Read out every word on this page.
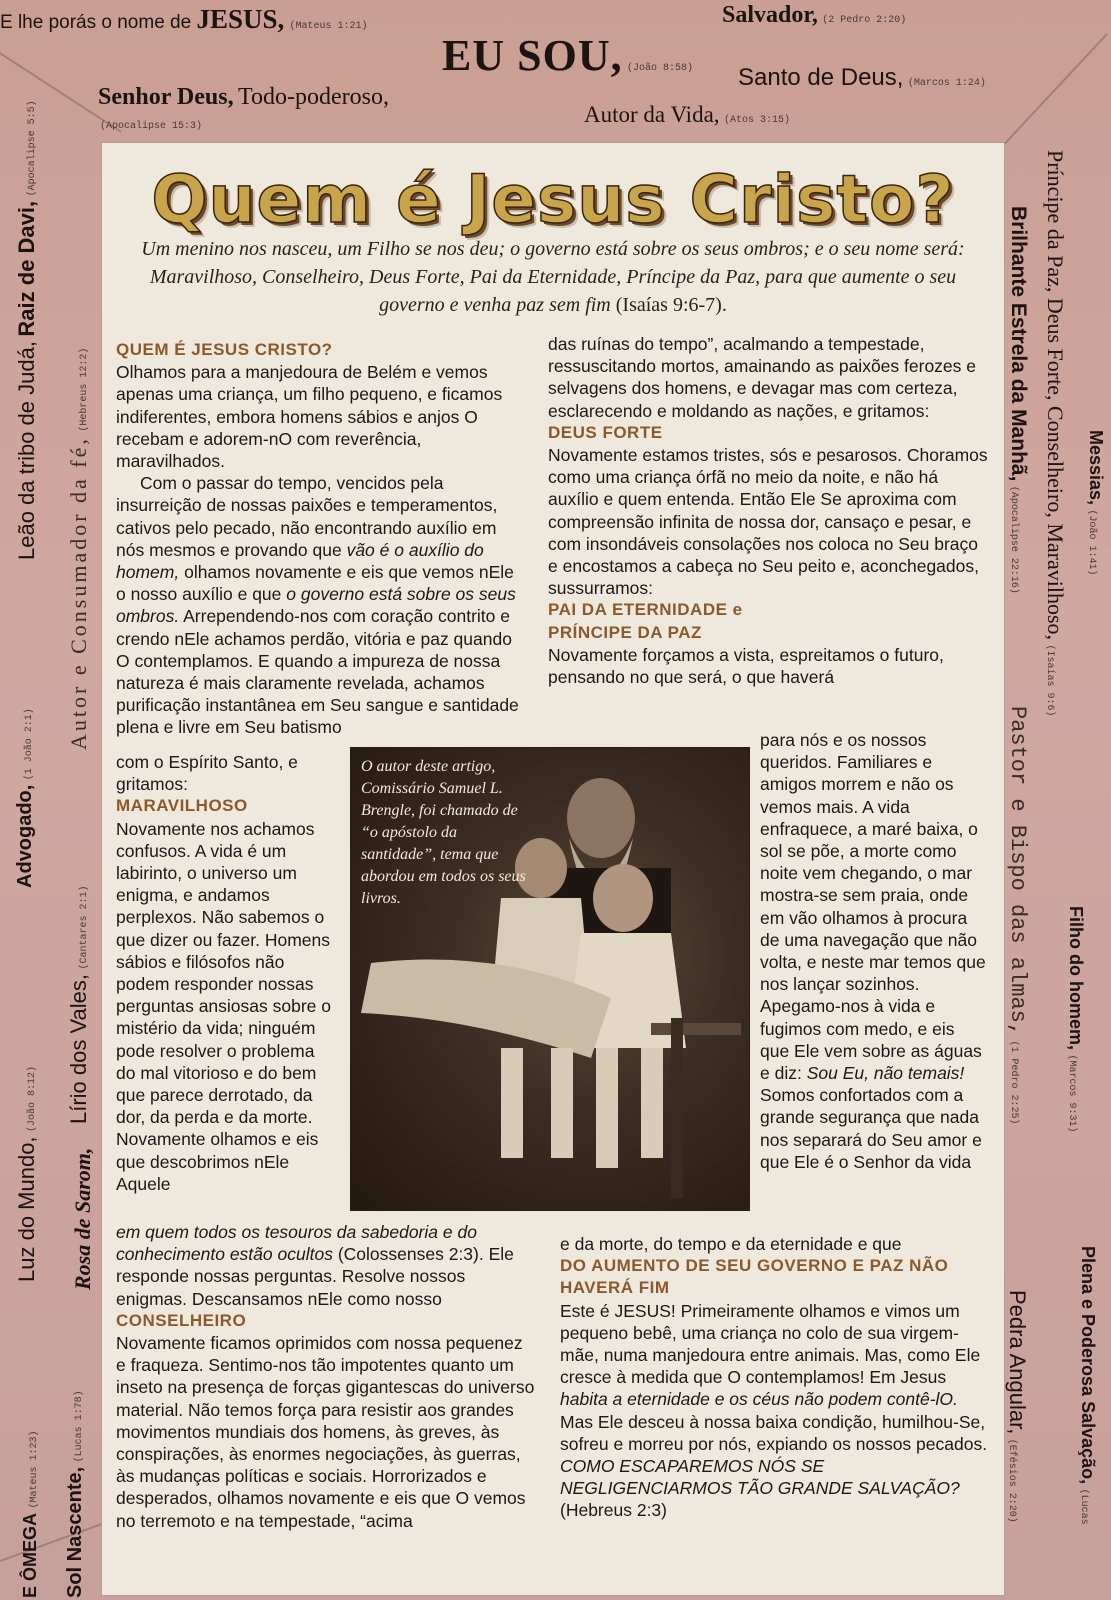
E lhe porás o nome de JESUS, (Mateus 1:21)	Salvador, (2 Pedro 2:20)
EU SOU, (João 8:58) Santo de Deus, (Marcos 1:24)
Senhor Deus, Todo-poderoso,
(Apocalipse 15:3)	Autor da Vida, (Atos 3:15)
Leão da tribo de Judá, Raiz de Davi, (Apocalipse 5:5)
Autor e Consumador da fé, (Hebreus 12:2)
Advogado, (1 João 2:1)
Lírio dos Vales, (Cantares 2:1)
Rosa de Sarom,
Luz do Mundo, (João 8:12)
E ÔMEGA (Mateus 1:23) Sol Nascente, (Lucas 1:78)
Príncipe da Paz, Deus Forte, Conselheiro, Maravilhoso, (Isaías 9:6)
Brilhante Estrela da Manhã, (Apocalipse 22:16)
Messias, (João 1:41)
Pastor e Bispo das almas, (1 Pedro 2:25)
Filho do homem, (Marcos 9:31)
Pedra Angular, (Efésios 2:20)	Plena e Poderosa Salvação, (Lucas
Quem é Jesus Cristo?
Um menino nos nasceu, um Filho se nos deu; o governo está sobre os seus ombros; e o seu nome será: Maravilhoso, Conselheiro, Deus Forte, Pai da Eternidade, Príncipe da Paz, para que aumente o seu governo e venha paz sem fim (Isaías 9:6-7).

QUEM É JESUS CRISTO?

Olhamos para a manjedoura de Belém e vemos apenas uma criança, um filho pequeno, e ficamos indiferentes, embora homens sábios e anjos O recebam e adorem-nO com reverência, maravilhados.

Com o passar do tempo, vencidos pela insurreição de nossas paixões e temperamentos, cativos pelo pecado, não encontrando auxílio em nós mesmos e provando que vão é o auxílio do homem, olhamos novamente e eis que vemos nEle o nosso auxílio e que o governo está sobre os seus ombros. Arrependendo-nos com coração contrito e crendo nEle achamos perdão, vitória e paz quando O contemplamos. E quando a impureza de nossa natureza é mais claramente revelada, achamos purificação instantânea em Seu sangue e santidade plena e livre em Seu batismo

com o Espírito Santo, e gritamos:

MARAVILHOSO

Novamente nos achamos confusos. A vida é um labirinto, o universo um enigma, e andamos perplexos. Não sabemos o que dizer ou fazer. Homens sábios e filósofos não podem responder nossas perguntas ansiosas sobre o mistério da vida; ninguém pode resolver o problema do mal vitorioso e do bem que parece derrotado, da dor, da perda e da morte. Novamente olhamos e eis que descobrimos nEle Aquele

em quem todos os tesouros da sabedoria e do conhecimento estão ocultos (Colossenses 2:3). Ele responde nossas perguntas. Resolve nossos enigmas. Descansamos nEle como nosso

CONSELHEIRO

Novamente ficamos oprimidos com nossa pequenez e fraqueza. Sentimo-nos tão impotentes quanto um inseto na presença de forças gigantescas do universo material. Não temos força para resistir aos grandes movimentos mundiais dos homens, às greves, às conspirações, às enormes negociações, às guerras, às mudanças políticas e sociais. Horrorizados e desperados, olhamos novamente e eis que O vemos no terremoto e na tempestade, “acima

das ruínas do tempo”, acalmando a tempestade, ressuscitando mortos, amainando as paixões ferozes e selvagens dos homens, e devagar mas com certeza, esclarecendo e moldando as nações, e gritamos:

DEUS FORTE

Novamente estamos tristes, sós e pesarosos. Choramos como uma criança órfã no meio da noite, e não há auxílio e quem entenda. Então Ele Se aproxima com compreensão infinita de nossa dor, cansaço e pesar, e com insondáveis consolações nos coloca no Seu braço e encostamos a cabeça no Seu peito e, aconchegados, sussurramos:

PAI DA ETERNIDADE e

PRÍNCIPE DA PAZ

Novamente forçamos a vista, espreitamos o futuro, pensando no que será, o que haverá

para nós e os nossos queridos. Familiares e amigos morrem e não os vemos mais. A vida enfraquece, a maré baixa, o sol se põe, a morte como noite vem chegando, o mar mostra-se sem praia, onde em vão olhamos à procura de uma navegação que não volta, e neste mar temos que nos lançar sozinhos. Apegamo-nos à vida e fugimos com medo, e eis que Ele vem sobre as águas e diz: Sou Eu, não temais! Somos confortados com a grande segurança que nada nos separará do Seu amor e que Ele é o Senhor da vida

e da morte, do tempo e da eternidade e que

DO AUMENTO DE SEU GOVERNO E PAZ NÃO HAVERÁ FIM

Este é JESUS! Primeiramente olhamos e vimos um pequeno bebê, uma criança no colo de sua virgem-mãe, numa manjedoura entre animais. Mas, como Ele cresce à medida que O contemplamos! Em Jesus habita a eternidade e os céus não podem contê-lO. Mas Ele desceu à nossa baixa condição, humilhou-Se, sofreu e morreu por nós, expiando os nossos pecados. COMO ESCAPAREMOS NÓS SE NEGLIGENCIARMOS TÃO GRANDE SALVAÇÃO? (Hebreus 2:3)

O autor deste artigo, Comissário Samuel L. Brengle, foi chamado de “o apóstolo da santidade”, tema que abordou em todos os seus livros.
